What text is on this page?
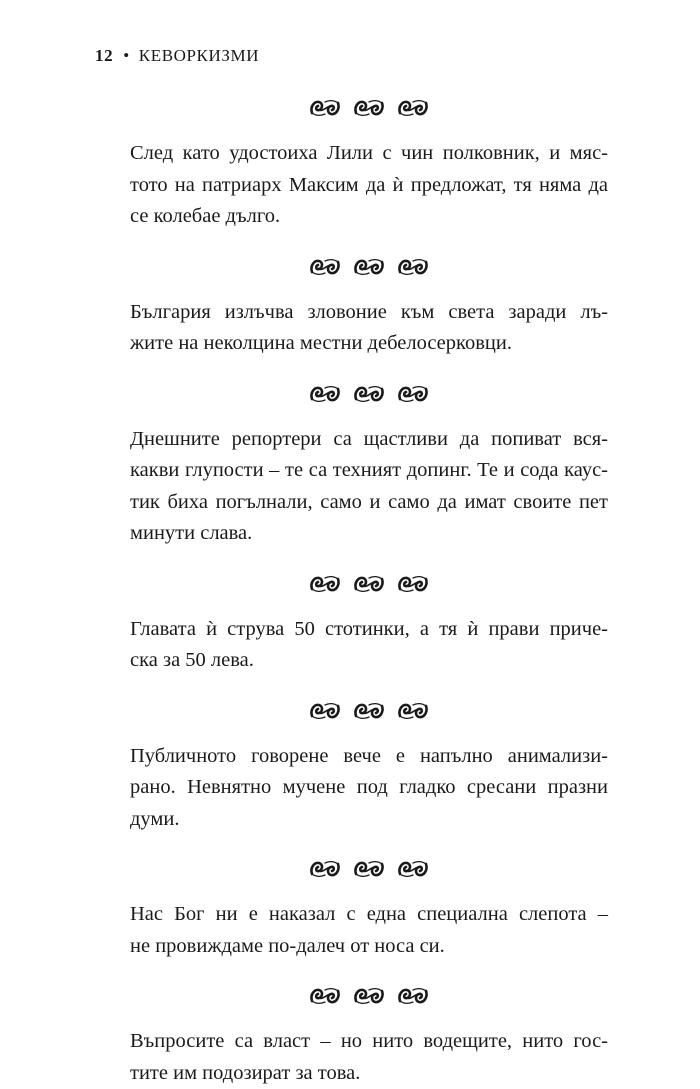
12 • КЕВОРКИЗМИ

След като удостоиха Лили с чин полковник, и мяс-
тото на патриарх Максим да ѝ предложат, тя няма да
се колебае дълго.

България излъчва зловоние към света заради лъ-
жите на неколцина местни дебелосерковци.

Днешните репортери са щастливи да попиват вся-
какви глупости – те са техният допинг. Те и сода каус-
тик биха погълнали, само и само да имат своите пет
минути слава.

Главата ѝ струва 50 стотинки, а тя ѝ прави приче-
ска за 50 лева.

Публичното говорене вече е напълно анимализи-
рано. Невнятно мучене под гладко сресани празни
думи.

Нас Бог ни е наказал с една специална слепота –
не провиждаме по-далеч от носа си.

Въпросите са власт – но нито водещите, нито гос-
тите им подозират за това.
